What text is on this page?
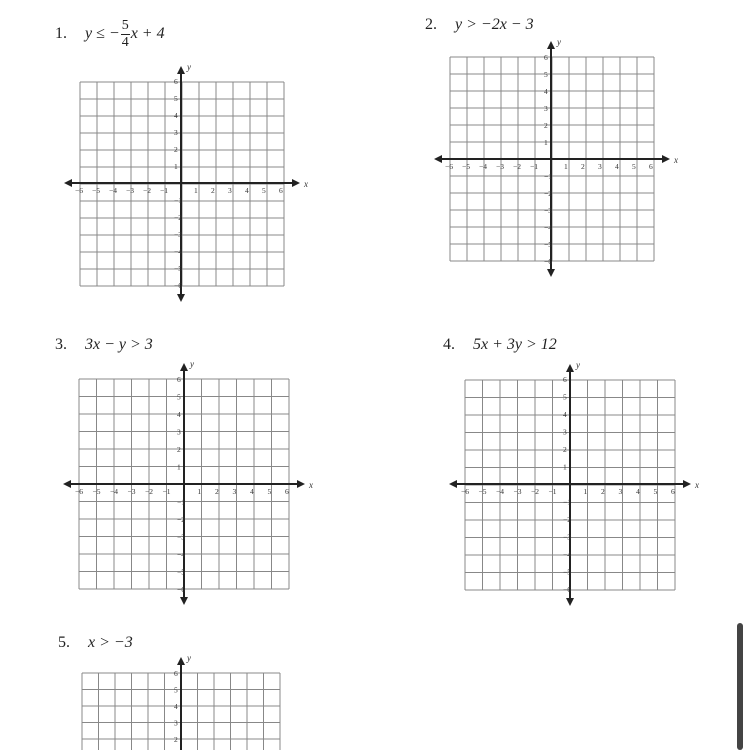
1. y ≤ − $\frac{5}{4}$ x + 4
2. y > −2x − 3
3. 3x − y > 3	4. 5x + 3y > 12
5. x > −3
x
−6 −5 −4 −3 −2 −1	1 2 3 4 5 6
y
6
5
4
3
2
1
−1
−2
−3
−4
−5
−6
x
−6 −5 −4 −3 −2 −1	1 2 3 4 5 6
y
6
5
4
3
2
1
−1
−2
−3
−4
−5
−6
x
−6 −5 −4 −3 −2 −1	1 2 3 4 5 6
y
6
5
4
3
2
1
−1
−2
−3
−4
−5
−6
x
−6 −5 −4 −3 −2 −1	1 2 3 4 5 6
y
6
5
4
3
2
1
−1
−2
−3
−4
−5
−6
y
6
5
4
3
2
